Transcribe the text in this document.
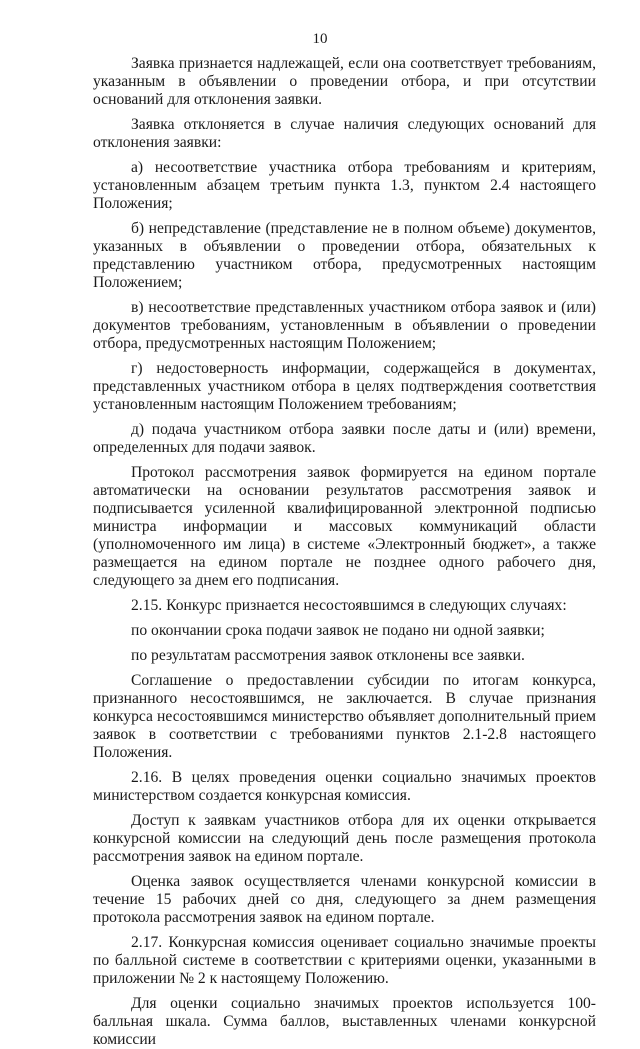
10

Заявка признается надлежащей, если она соответствует требованиям, указанным в объявлении о проведении отбора, и при отсутствии оснований для отклонения заявки.

Заявка отклоняется в случае наличия следующих оснований для отклонения заявки:

а) несоответствие участника отбора требованиям и критериям, установленным абзацем третьим пункта 1.3, пунктом 2.4 настоящего Положения;

б) непредставление (представление не в полном объеме) документов, указанных в объявлении о проведении отбора, обязательных к представлению участником отбора, предусмотренных настоящим Положением;

в) несоответствие представленных участником отбора заявок и (или) документов требованиям, установленным в объявлении о проведении отбора, предусмотренных настоящим Положением;

г) недостоверность информации, содержащейся в документах, представленных участником отбора в целях подтверждения соответствия установленным настоящим Положением требованиям;

д) подача участником отбора заявки после даты и (или) времени, определенных для подачи заявок.

Протокол рассмотрения заявок формируется на едином портале автоматически на основании результатов рассмотрения заявок и подписывается усиленной квалифицированной электронной подписью министра информации и массовых коммуникаций области (уполномоченного им лица) в системе «Электронный бюджет», а также размещается на едином портале не позднее одного рабочего дня, следующего за днем его подписания.

2.15. Конкурс признается несостоявшимся в следующих случаях:

по окончании срока подачи заявок не подано ни одной заявки;

по результатам рассмотрения заявок отклонены все заявки.

Соглашение о предоставлении субсидии по итогам конкурса, признанного несостоявшимся, не заключается. В случае признания конкурса несостоявшимся министерство объявляет дополнительный прием заявок в соответствии с требованиями пунктов 2.1-2.8 настоящего Положения.

2.16. В целях проведения оценки социально значимых проектов министерством создается конкурсная комиссия.

Доступ к заявкам участников отбора для их оценки открывается конкурсной комиссии на следующий день после размещения протокола рассмотрения заявок на едином портале.

Оценка заявок осуществляется членами конкурсной комиссии в течение 15 рабочих дней со дня, следующего за днем размещения протокола рассмотрения заявок на едином портале.

2.17. Конкурсная комиссия оценивает социально значимые проекты по балльной системе в соответствии с критериями оценки, указанными в приложении № 2 к настоящему Положению.

Для оценки социально значимых проектов используется 100-балльная шкала. Сумма баллов, выставленных членами конкурсной комиссии
